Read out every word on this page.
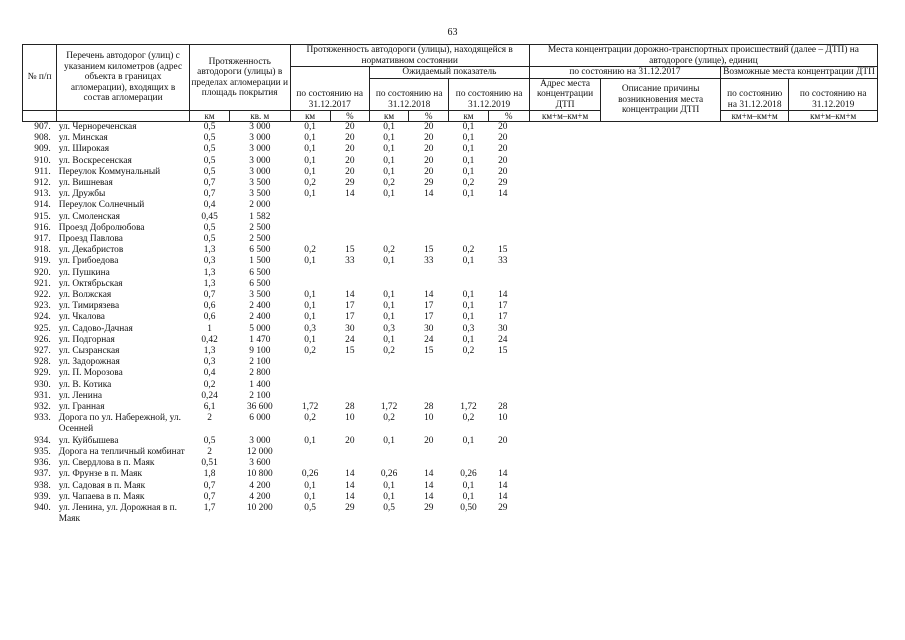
63
№ п/п	Перечень автодорог (улиц) с указанием километров (адрес объекта в границах агломерации), входящих в состав агломерации	Протяженность автодороги (улицы) в пределах агломерации и площадь покрытия		Протяженность автодороги (улицы), находящейся в нормативном состоянии						Места концентрации дорожно-транспортных происшествий (далее – ДТП) на автодороге (улице), единиц			
				по состоянию на 31.12.2017		Ожидаемый показатель				по состоянию на 31.12.2017		Возможные места концентрации ДТП	
						по состоянию на 31.12.2018		по состоянию на 31.12.2019					
										Адрес места концентрации ДТП	Описание причины возникновения места концентрации ДТП	по состоянию на 31.12.2018	по состоянию на 31.12.2019
		км	кв. м	км	%	км	%	км	%	км+м–км+м		км+м–км+м	км+м–км+м
907.	ул. Чернореченская	0,5	3 000	0,1	20	0,1	20	0,1	20				
908.	ул. Минская	0,5	3 000	0,1	20	0,1	20	0,1	20				
909.	ул. Широкая	0,5	3 000	0,1	20	0,1	20	0,1	20				
910.	ул. Воскресенская	0,5	3 000	0,1	20	0,1	20	0,1	20				
911.	Переулок Коммунальный	0,5	3 000	0,1	20	0,1	20	0,1	20				
912.	ул. Вишневая	0,7	3 500	0,2	29	0,2	29	0,2	29				
913.	ул. Дружбы	0,7	3 500	0,1	14	0,1	14	0,1	14				
914.	Переулок Солнечный	0,4	2 000										
915.	ул. Смоленская	0,45	1 582										
916.	Проезд Добролюбова	0,5	2 500										
917.	Проезд Павлова	0,5	2 500										
918.	ул. Декабристов	1,3	6 500	0,2	15	0,2	15	0,2	15				
919.	ул. Грибоедова	0,3	1 500	0,1	33	0,1	33	0,1	33				
920.	ул. Пушкина	1,3	6 500										
921.	ул. Октябрьская	1,3	6 500										
922.	ул. Волжская	0,7	3 500	0,1	14	0,1	14	0,1	14				
923.	ул. Тимирязева	0,6	2 400	0,1	17	0,1	17	0,1	17				
924.	ул. Чкалова	0,6	2 400	0,1	17	0,1	17	0,1	17				
925.	ул. Садово-Дачная	1	5 000	0,3	30	0,3	30	0,3	30				
926.	ул. Подгорная	0,42	1 470	0,1	24	0,1	24	0,1	24				
927.	ул. Сызранская	1,3	9 100	0,2	15	0,2	15	0,2	15				
928.	ул. Задорожная	0,3	2 100										
929.	ул. П. Морозова	0,4	2 800										
930.	ул. В. Котика	0,2	1 400										
931.	ул. Ленина	0,24	2 100										
932.	ул. Гранная	6,1	36 600	1,72	28	1,72	28	1,72	28				
933.	Дорога по ул. Набережной, ул. Осенней	2	6 000	0,2	10	0,2	10	0,2	10				
934.	ул. Куйбышева	0,5	3 000	0,1	20	0,1	20	0,1	20				
935.	Дорога на тепличный комбинат	2	12 000										
936.	ул. Свердлова в п. Маяк	0,51	3 600										
937.	ул. Фрунзе в п. Маяк	1,8	10 800	0,26	14	0,26	14	0,26	14				
938.	ул. Садовая в п. Маяк	0,7	4 200	0,1	14	0,1	14	0,1	14				
939.	ул. Чапаева в п. Маяк	0,7	4 200	0,1	14	0,1	14	0,1	14				
940.	ул. Ленина, ул. Дорожная в п. Маяк	1,7	10 200	0,5	29	0,5	29	0,50	29				
